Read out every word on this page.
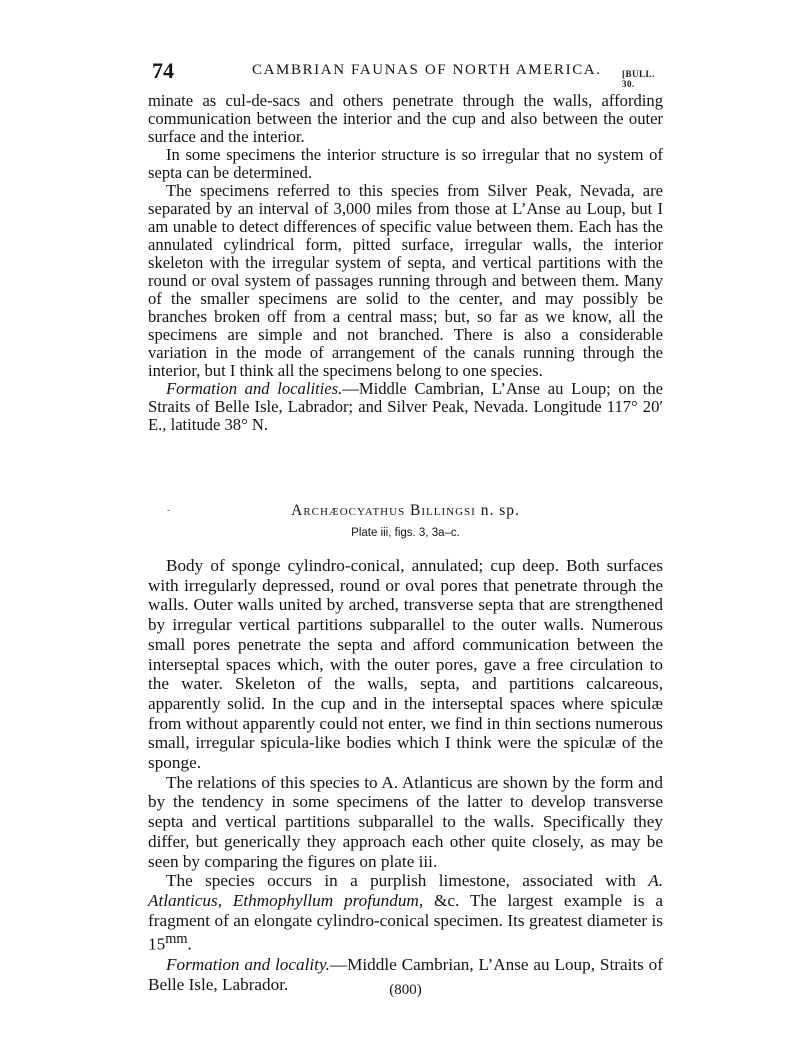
74	CAMBRIAN FAUNAS OF NORTH AMERICA. [BULL. 30.

minate as cul-de-sacs and others penetrate through the walls, affording communication between the interior and the cup and also between the outer surface and the interior.

In some specimens the interior structure is so irregular that no system of septa can be determined.

The specimens referred to this species from Silver Peak, Nevada, are separated by an interval of 3,000 miles from those at L’Anse au Loup, but I am unable to detect differences of specific value between them. Each has the annulated cylindrical form, pitted surface, irregular walls, the interior skeleton with the irregular system of septa, and vertical partitions with the round or oval system of passages running through and between them. Many of the smaller specimens are solid to the center, and may possibly be branches broken off from a central mass; but, so far as we know, all the specimens are simple and not branched. There is also a considerable variation in the mode of arrangement of the canals running through the interior, but I think all the specimens belong to one species.

Formation and localities.—Middle Cambrian, L’Anse au Loup; on the Straits of Belle Isle, Labrador; and Silver Peak, Nevada. Longitude 117° 20′ E., latitude 38° N.

-	Archæocyathus Billingsi n. sp.
Plate iii, figs. 3, 3a–c.

Body of sponge cylindro-conical, annulated; cup deep. Both surfaces with irregularly depressed, round or oval pores that penetrate through the walls. Outer walls united by arched, transverse septa that are strengthened by irregular vertical partitions subparallel to the outer walls. Numerous small pores penetrate the septa and afford communication between the interseptal spaces which, with the outer pores, gave a free circulation to the water. Skeleton of the walls, septa, and partitions calcareous, apparently solid. In the cup and in the interseptal spaces where spiculæ from without apparently could not enter, we find in thin sections numerous small, irregular spicula-like bodies which I think were the spiculæ of the sponge.

The relations of this species to A. Atlanticus are shown by the form and by the tendency in some specimens of the latter to develop transverse septa and vertical partitions subparallel to the walls. Specifically they differ, but generically they approach each other quite closely, as may be seen by comparing the figures on plate iii.

The species occurs in a purplish limestone, associated with A. Atlanticus, Ethmophyllum profundum, &c. The largest example is a fragment of an elongate cylindro-conical specimen. Its greatest diameter is $15^{mm}$.

Formation and locality.—Middle Cambrian, L’Anse au Loup, Straits of Belle Isle, Labrador.	(800)
